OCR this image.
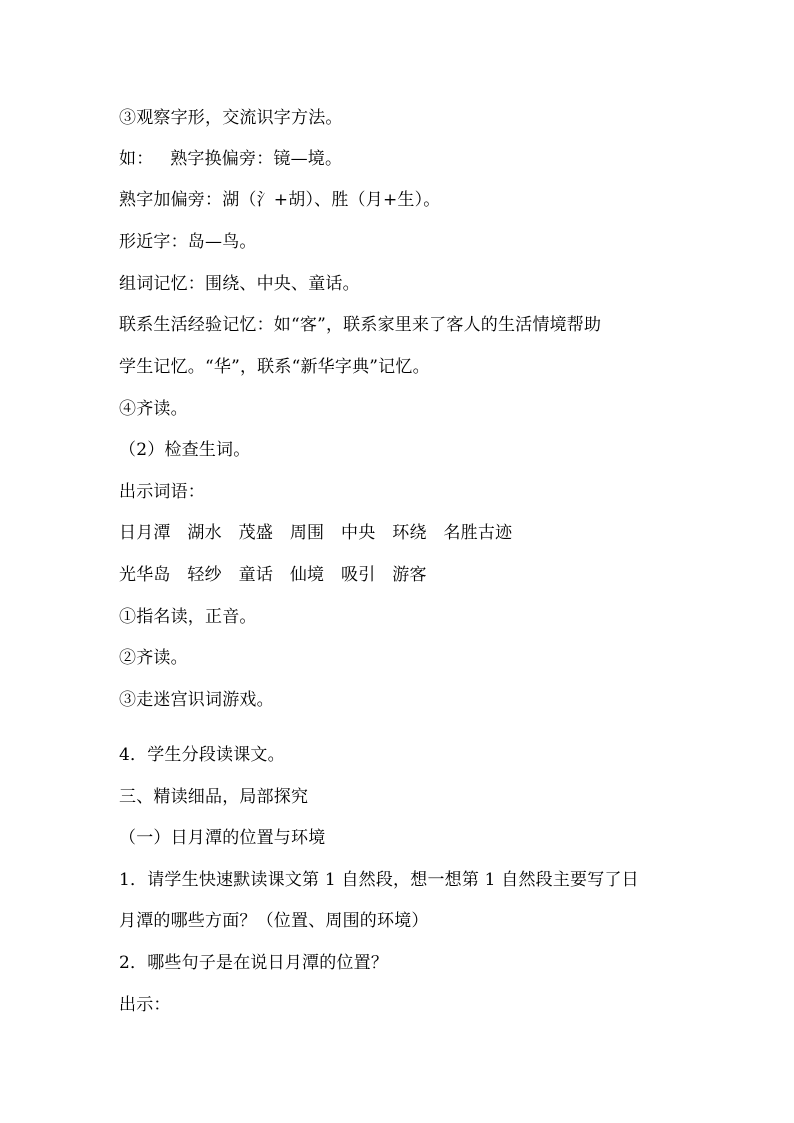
③观察字形，交流识字方法。
如：   熟字换偏旁：镜—境。
熟字加偏旁：湖（氵+胡）、胜（月+生）。
形近字：岛—鸟。
组词记忆：围绕、中央、童话。
联系生活经验记忆：如“客”，联系家里来了客人的生活情境帮助
学生记忆。“华”，联系“新华字典”记忆。
④齐读。
（2）检查生词。
出示词语：
日月潭   湖水   茂盛   周围   中央   环绕   名胜古迹
光华岛   轻纱   童话   仙境   吸引   游客
①指名读，正音。
②齐读。
③走迷宫识词游戏。
4．学生分段读课文。
三、精读细品，局部探究
（一）日月潭的位置与环境
1．请学生快速默读课文第 1 自然段，想一想第 1 自然段主要写了日
月潭的哪些方面？（位置、周围的环境）
2．哪些句子是在说日月潭的位置？
出示：
